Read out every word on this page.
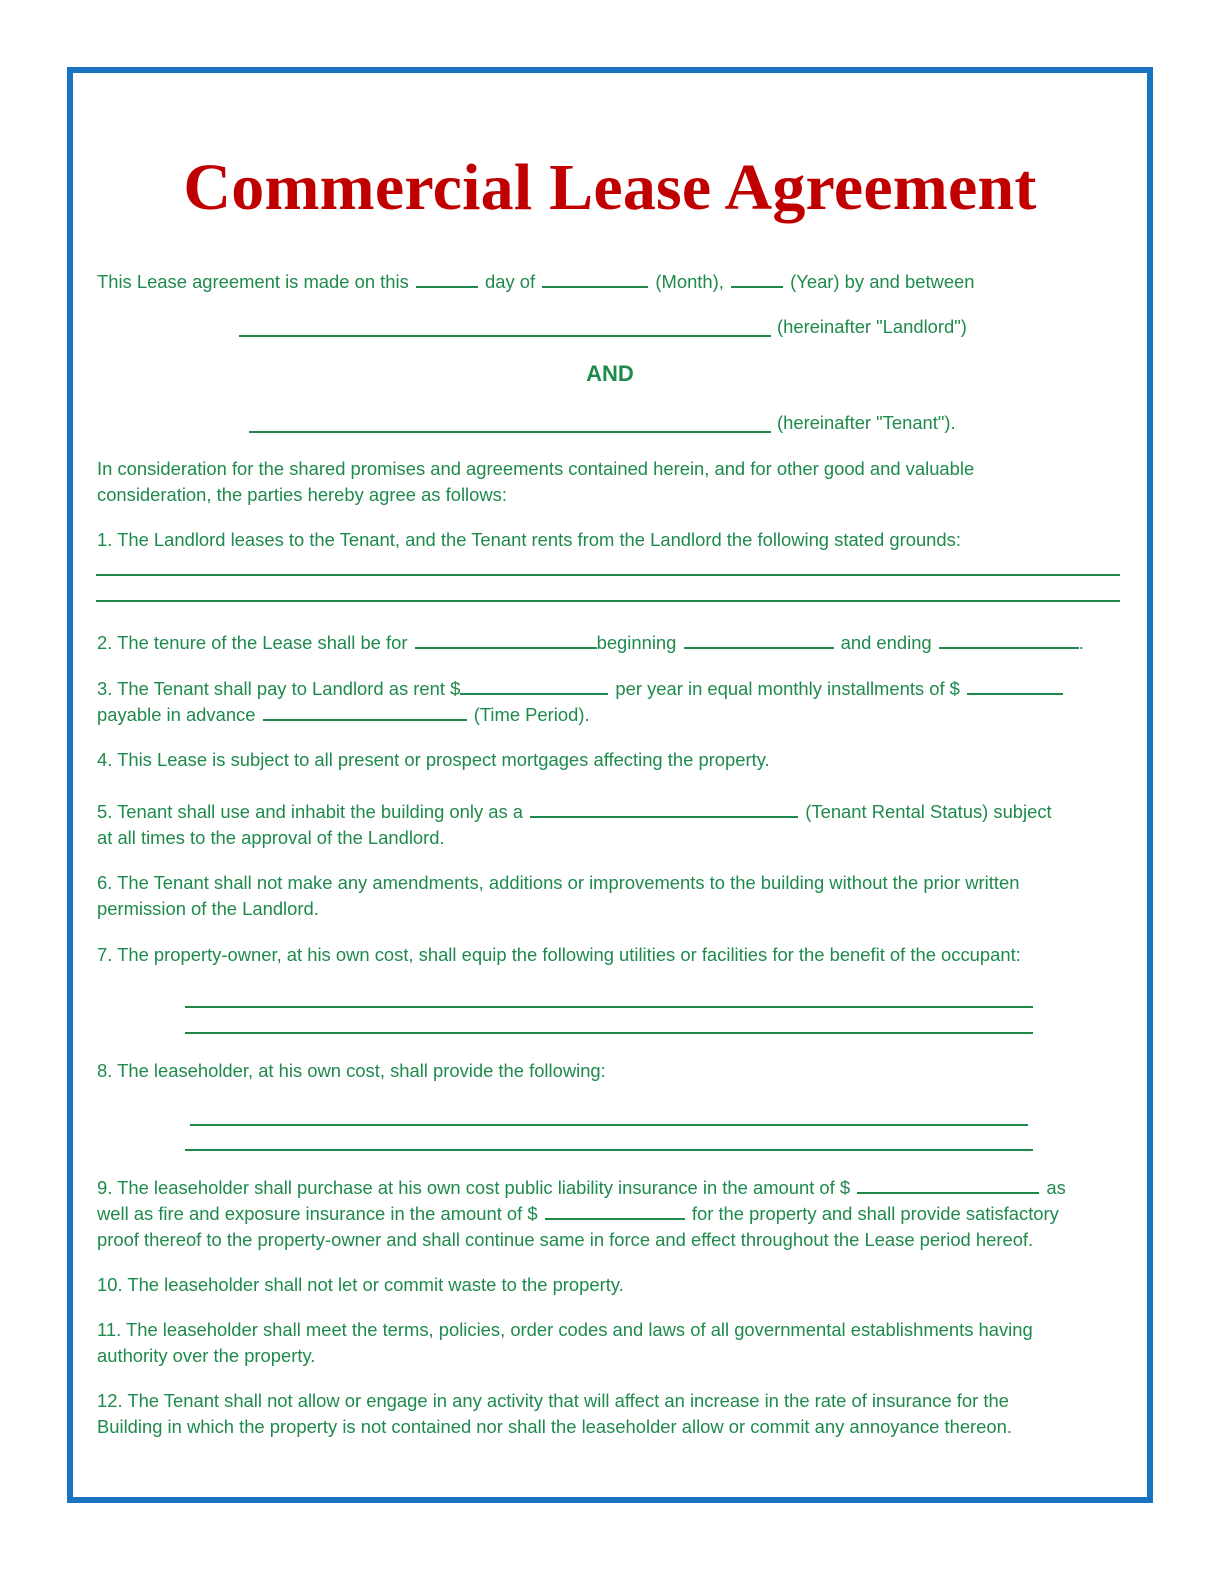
Commercial Lease Agreement
This Lease agreement is made on this	day of	(Month),	(Year) by and between
(hereinafter "Landlord")
AND
(hereinafter "Tenant").
In consideration for the shared promises and agreements contained herein, and for other good and valuable
consideration, the parties hereby agree as follows:
1. The Landlord leases to the Tenant, and the Tenant rents from the Landlord the following stated grounds:
2. The tenure of the Lease shall be for	beginning	and ending	.
3. The Tenant shall pay to Landlord as rent $	per year in equal monthly installments of $
payable in advance	(Time Period).
4. This Lease is subject to all present or prospect mortgages affecting the property.
5. Tenant shall use and inhabit the building only as a	(Tenant Rental Status) subject
at all times to the approval of the Landlord.
6. The Tenant shall not make any amendments, additions or improvements to the building without the prior written
permission of the Landlord.
7. The property-owner, at his own cost, shall equip the following utilities or facilities for the benefit of the occupant:
8. The leaseholder, at his own cost, shall provide the following:
9. The leaseholder shall purchase at his own cost public liability insurance in the amount of $	as
well as fire and exposure insurance in the amount of $	for the property and shall provide satisfactory
proof thereof to the property-owner and shall continue same in force and effect throughout the Lease period hereof.
10. The leaseholder shall not let or commit waste to the property.
11. The leaseholder shall meet the terms, policies, order codes and laws of all governmental establishments having
authority over the property.
12. The Tenant shall not allow or engage in any activity that will affect an increase in the rate of insurance for the
Building in which the property is not contained nor shall the leaseholder allow or commit any annoyance thereon.
